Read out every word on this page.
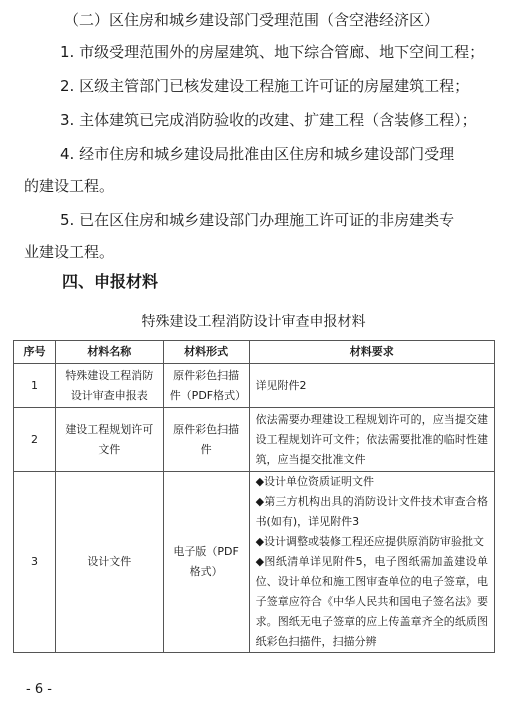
（二）区住房和城乡建设部门受理范围（含空港经济区）
1. 市级受理范围外的房屋建筑、地下综合管廊、地下空间工程；
2. 区级主管部门已核发建设工程施工许可证的房屋建筑工程；
3. 主体建筑已完成消防验收的改建、扩建工程（含装修工程）；
4. 经市住房和城乡建设局批准由区住房和城乡建设部门受理
的建设工程。
5. 已在区住房和城乡建设部门办理施工许可证的非房建类专
业建设工程。
四、申报材料
特殊建设工程消防设计审查申报材料
序号	材料名称	材料形式	材料要求
1	特殊建设工程消防设计审查申报表	原件彩色扫描件（PDF格式）	详见附件2
2	建设工程规划许可文件	原件彩色扫描件	依法需要办理建设工程规划许可的，应当提交建设工程规划许可文件；依法需要批准的临时性建筑，应当提交批准文件
3	设计文件	电子版（PDF格式）	◆设计单位资质证明文件
◆第三方机构出具的消防设计文件技术审查合格书(如有)，详见附件3
◆设计调整或装修工程还应提供原消防审验批文
◆图纸清单详见附件5，电子图纸需加盖建设单位、设计单位和施工图审查单位的电子签章，电子签章应符合《中华人民共和国电子签名法》要求。图纸无电子签章的应上传盖章齐全的纸质图纸彩色扫描件，扫描分辨
- 6 -
